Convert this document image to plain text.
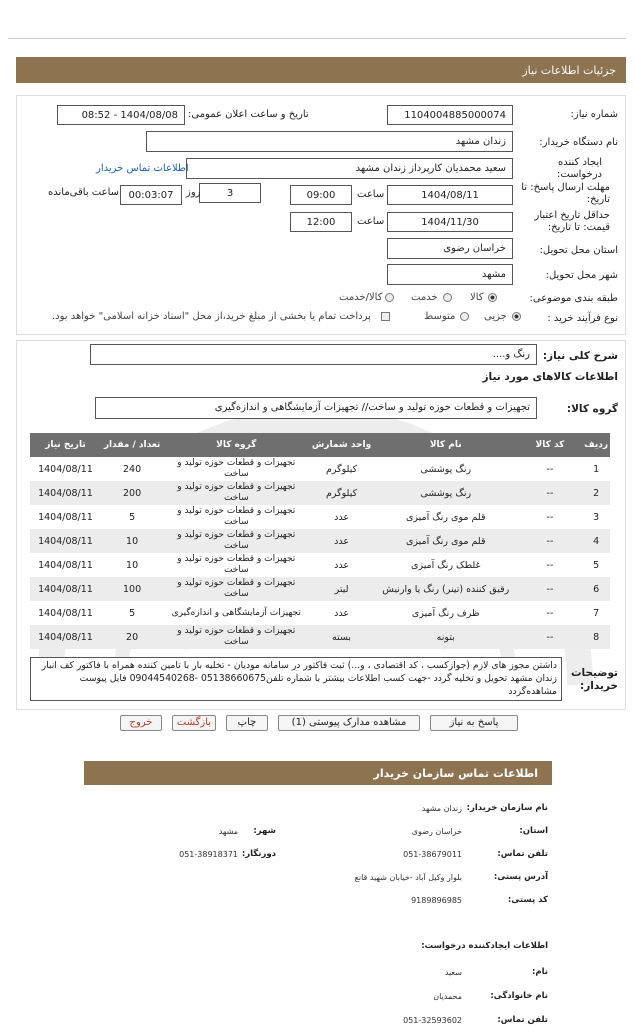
جزئیات اطلاعات نیاز
شماره نیاز:
1104004885000074
تاریخ و ساعت اعلان عمومی:
1404/08/08 - 08:52
نام دستگاه خریدار:
زندان مشهد
ایجاد کننده درخواست:
سعید محمدیان کارپرداز زندان مشهد
اطلاعات تماس خریدار
مهلت ارسال پاسخ: تا تاریخ:
1404/08/11
ساعت
09:00
3
روز
00:03:07
ساعت باقی‌مانده
حداقل تاریخ اعتبار قیمت: تا تاریخ:
1404/11/30
ساعت
12:00
استان محل تحویل:
خراسان رضوی
شهر محل تحویل:
مشهد
طبقه بندی موضوعی:
کالا
خدمت
کالا/خدمت
نوع فرآیند خرید :
جزیی
متوسط
پرداخت تمام یا بخشی از مبلغ خرید،از محل "اسناد خزانه اسلامی" خواهد بود.
شرح کلی نیاز:
رنگ و....
اطلاعات کالاهای مورد نیاز
گروه کالا:
تجهیزات و قطعات حوزه تولید و ساخت// تجهیزات آزمایشگاهی و اندازه‌گیری
ردیف	کد کالا	نام کالا	واحد شمارش	گروه کالا	تعداد / مقدار	تاریخ نیاز
1	--	رنگ پوششی	کیلوگرم	تجهیزات و قطعات حوزه تولید و ساخت	240	1404/08/11
2	--	رنگ پوششی	کیلوگرم	تجهیزات و قطعات حوزه تولید و ساخت	200	1404/08/11
3	--	قلم موی رنگ آمیزی	عدد	تجهیزات و قطعات حوزه تولید و ساخت	5	1404/08/11
4	--	قلم موی رنگ آمیزی	عدد	تجهیزات و قطعات حوزه تولید و ساخت	10	1404/08/11
5	--	غلطک رنگ آمیزی	عدد	تجهیزات و قطعات حوزه تولید و ساخت	10	1404/08/11
6	--	رقیق کننده (تینر) رنگ یا وارنیش	لیتر	تجهیزات و قطعات حوزه تولید و ساخت	100	1404/08/11
7	--	ظرف رنگ آمیزی	عدد	تجهیزات آزمایشگاهی و اندازه‌گیری	5	1404/08/11
8	--	بتونه	بسته	تجهیزات و قطعات حوزه تولید و ساخت	20	1404/08/11
توضیحات خریدار:
داشتن مجوز های لازم (جوازکسب ، کد اقتصادی ، و...) ثبت فاکتور در سامانه مودیان - تخلیه بار با تامین کننده همراه با فاکتور کف انبار زندان مشهد تحویل و تخلیه گردد -جهت کسب اطلاعات بیشتر با شماره تلفن05138660675 -09044540268 فایل پیوست مشاهده‌گردد
پاسخ به نیاز
مشاهده مدارک پیوستی (1)
چاپ
بازگشت
خروج
اطلاعات تماس سازمان خریدار
نام سازمان خریدار:
زندان مشهد
استان:
خراسان رضوی
شهر:
مشهد
تلفن تماس:
051-38679011
دورنگار:
051-38918371
آدرس پستی:
بلوار وکیل آباد -خیابان شهید قانع
کد پستی:
9189896985
اطلاعات ایجادکننده درخواست:
نام:
سعید
نام خانوادگی:
محمدیان
تلفن تماس:
051-32593602
